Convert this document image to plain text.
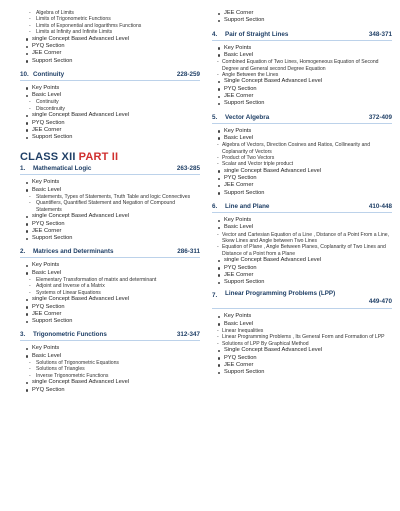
- Algebra of Limits
- Limits of Trigonometric Functions
- Limits of Exponential and logarithms Functions
- Limits at Infinity and Infinite Limits
single Concept Based Advanced Level
PYQ Section
JEE Corner
Support Section
10. Continuity	228-259
Key Points
Basic Level
- Continuity
- Discontinuity
single Concept Based Advanced Level
PYQ Section
JEE Corner
Support Section
CLASS XII PART II
1. Mathematical Logic	263-285
Key Points
Basic Level
- Statements, Types of Statements, Truth Table and logic Connectives
- Quantifiers, Quantified Statement and Negation of Compound Statements
single Concept Based Advanced Level
PYQ Section
JEE Corner
Support Section
2. Matrices and Determinants	286-311
Key Points
Basic Level
- Elementary Transformation of matrix and determinant
- Adjoint and Inverse of a Matrix
- Systems of Linear Equations
single Concept Based Advanced Level
PYQ Section
JEE Corner
Support Section
3. Trigonometric Functions	312-347
Key Points
Basic Level
- Solutions of Trigonometric Equations
- Solutions of Triangles
- Inverse Trigonometric Functions
single Concept Based Advanced Level
PYQ Section
JEE Corner
Support Section
4. Pair of Straight Lines	348-371
Key Points
Basic Level
- Combined Equation of Two Lines, Homogeneous Equation of Second Degree and General second Degree Equation
- Angle Between the Lines
Single Concept Based Advanced Level
PYQ Section
JEE Corner
Support Section
5. Vector Algebra	372-409
Key Points
Basic Level
- Algebra of Vectors, Direction Cosines and Ratios, Collinearity and Coplanarity of Vectors
- Product of Two Vectors
- Scalar and Vector triple product
single Concept Based Advanced Level
PYQ Section
JEE Corner
Support Section
6. Line and Plane	410-448
Key Points
Basic Level
- Vector and Cartesian Equation of a Line , Distance of a Point From a Line, Skew Lines and Angle between Two Lines
- Equation of Plane , Angle Between Planes, Coplanarity of Two Lines and Distance of a Point from a Plane
single Concept Based Advanced Level
PYQ Section
JEE Corner
Support Section
7. Linear Programming Problems (LPP)
449-470
Key Points
Basic Level
- Linear Inequalities
- Linear Programming Problems , Its General Form and Formation of LPP
- Solutions of LPP By Graphical Method
Single Concept Based Advanced Level
PYQ Section
JEE Corner
Support Section
